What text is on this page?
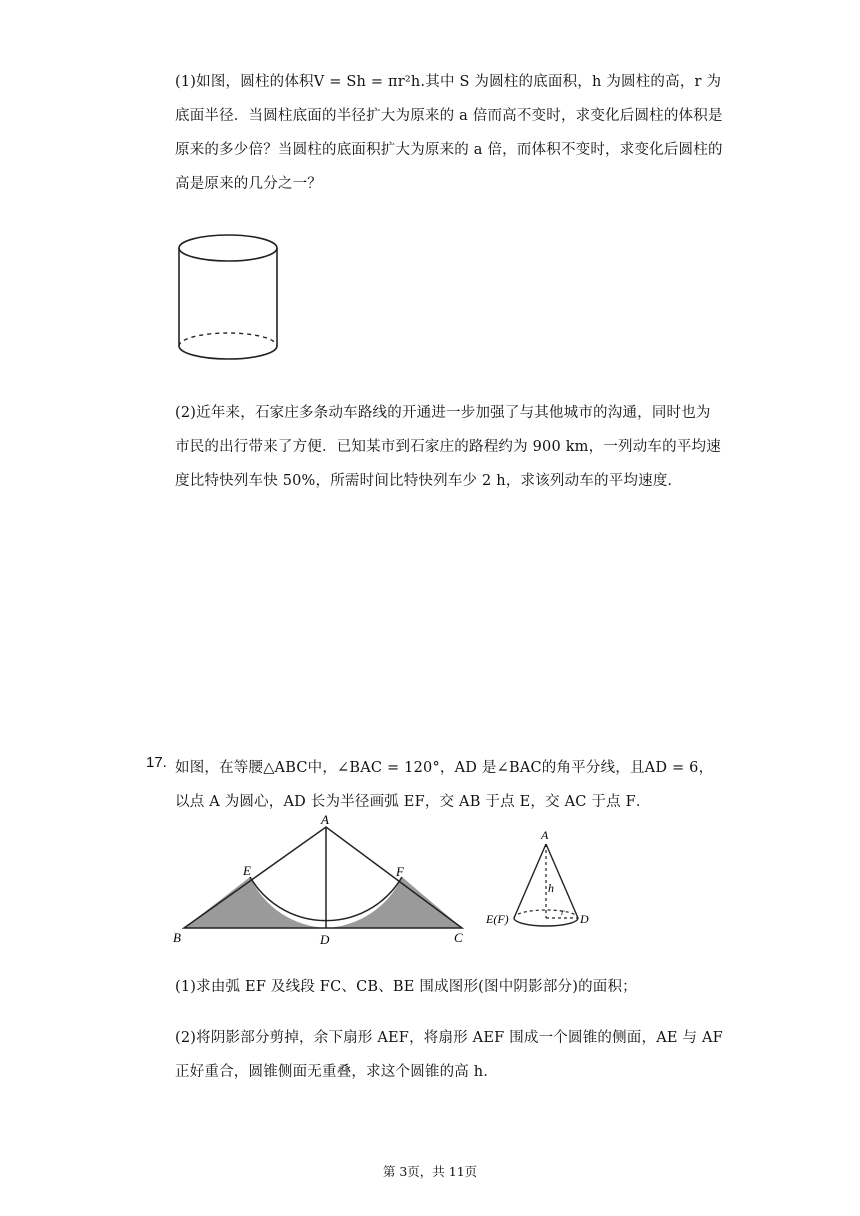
(1)如图，圆柱的体积V = Sh = πr²h.其中 S 为圆柱的底面积，h 为圆柱的高，r 为底面半径．当圆柱底面的半径扩大为原来的 a 倍而高不变时，求变化后圆柱的体积是原来的多少倍？当圆柱的底面积扩大为原来的 a 倍，而体积不变时，求变化后圆柱的高是原来的几分之一？
(2)近年来，石家庄多条动车路线的开通进一步加强了与其他城市的沟通，同时也为市民的出行带来了方便．已知某市到石家庄的路程约为 900 km，一列动车的平均速度比特快列车快 50%，所需时间比特快列车少 2 h，求该列动车的平均速度．
17. 如图，在等腰△ABC中，∠BAC = 120°，AD 是∠BAC的角平分线，且AD = 6，以点 A 为圆心，AD 长为半径画弧 EF，交 AB 于点 E，交 AC 于点 F．
A
B	C
D
E	F
A
h
r
E(F)	D
(1)求由弧 EF 及线段 FC、CB、BE 围成图形(图中阴影部分)的面积；
(2)将阴影部分剪掉，余下扇形 AEF，将扇形 AEF 围成一个圆锥的侧面，AE 与 AF 正好重合，圆锥侧面无重叠，求这个圆锥的高 h．
第 3页，共 11页
